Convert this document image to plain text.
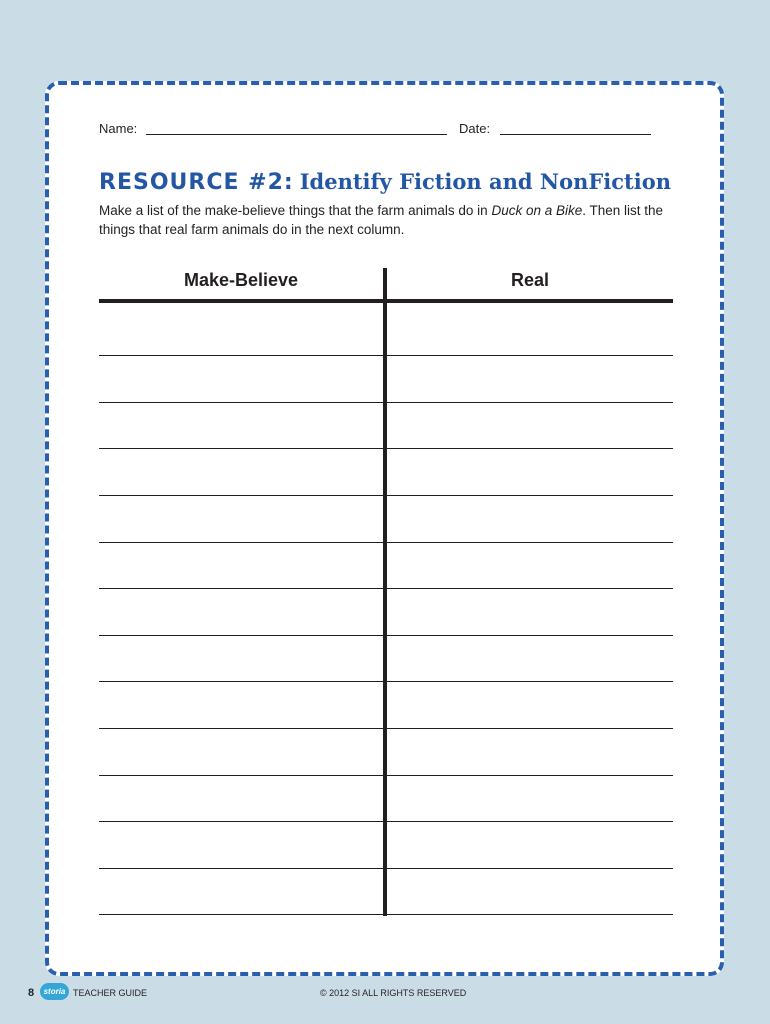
Name:	Date:
RESOURCE #2: Identify Fiction and NonFiction

Make a list of the make-believe things that the farm animals do in Duck on a Bike. Then list the things that real farm animals do in the next column.

Make-Believe	Real
8	storia TEACHER GUIDE	© 2012 SI ALL RIGHTS RESERVED
